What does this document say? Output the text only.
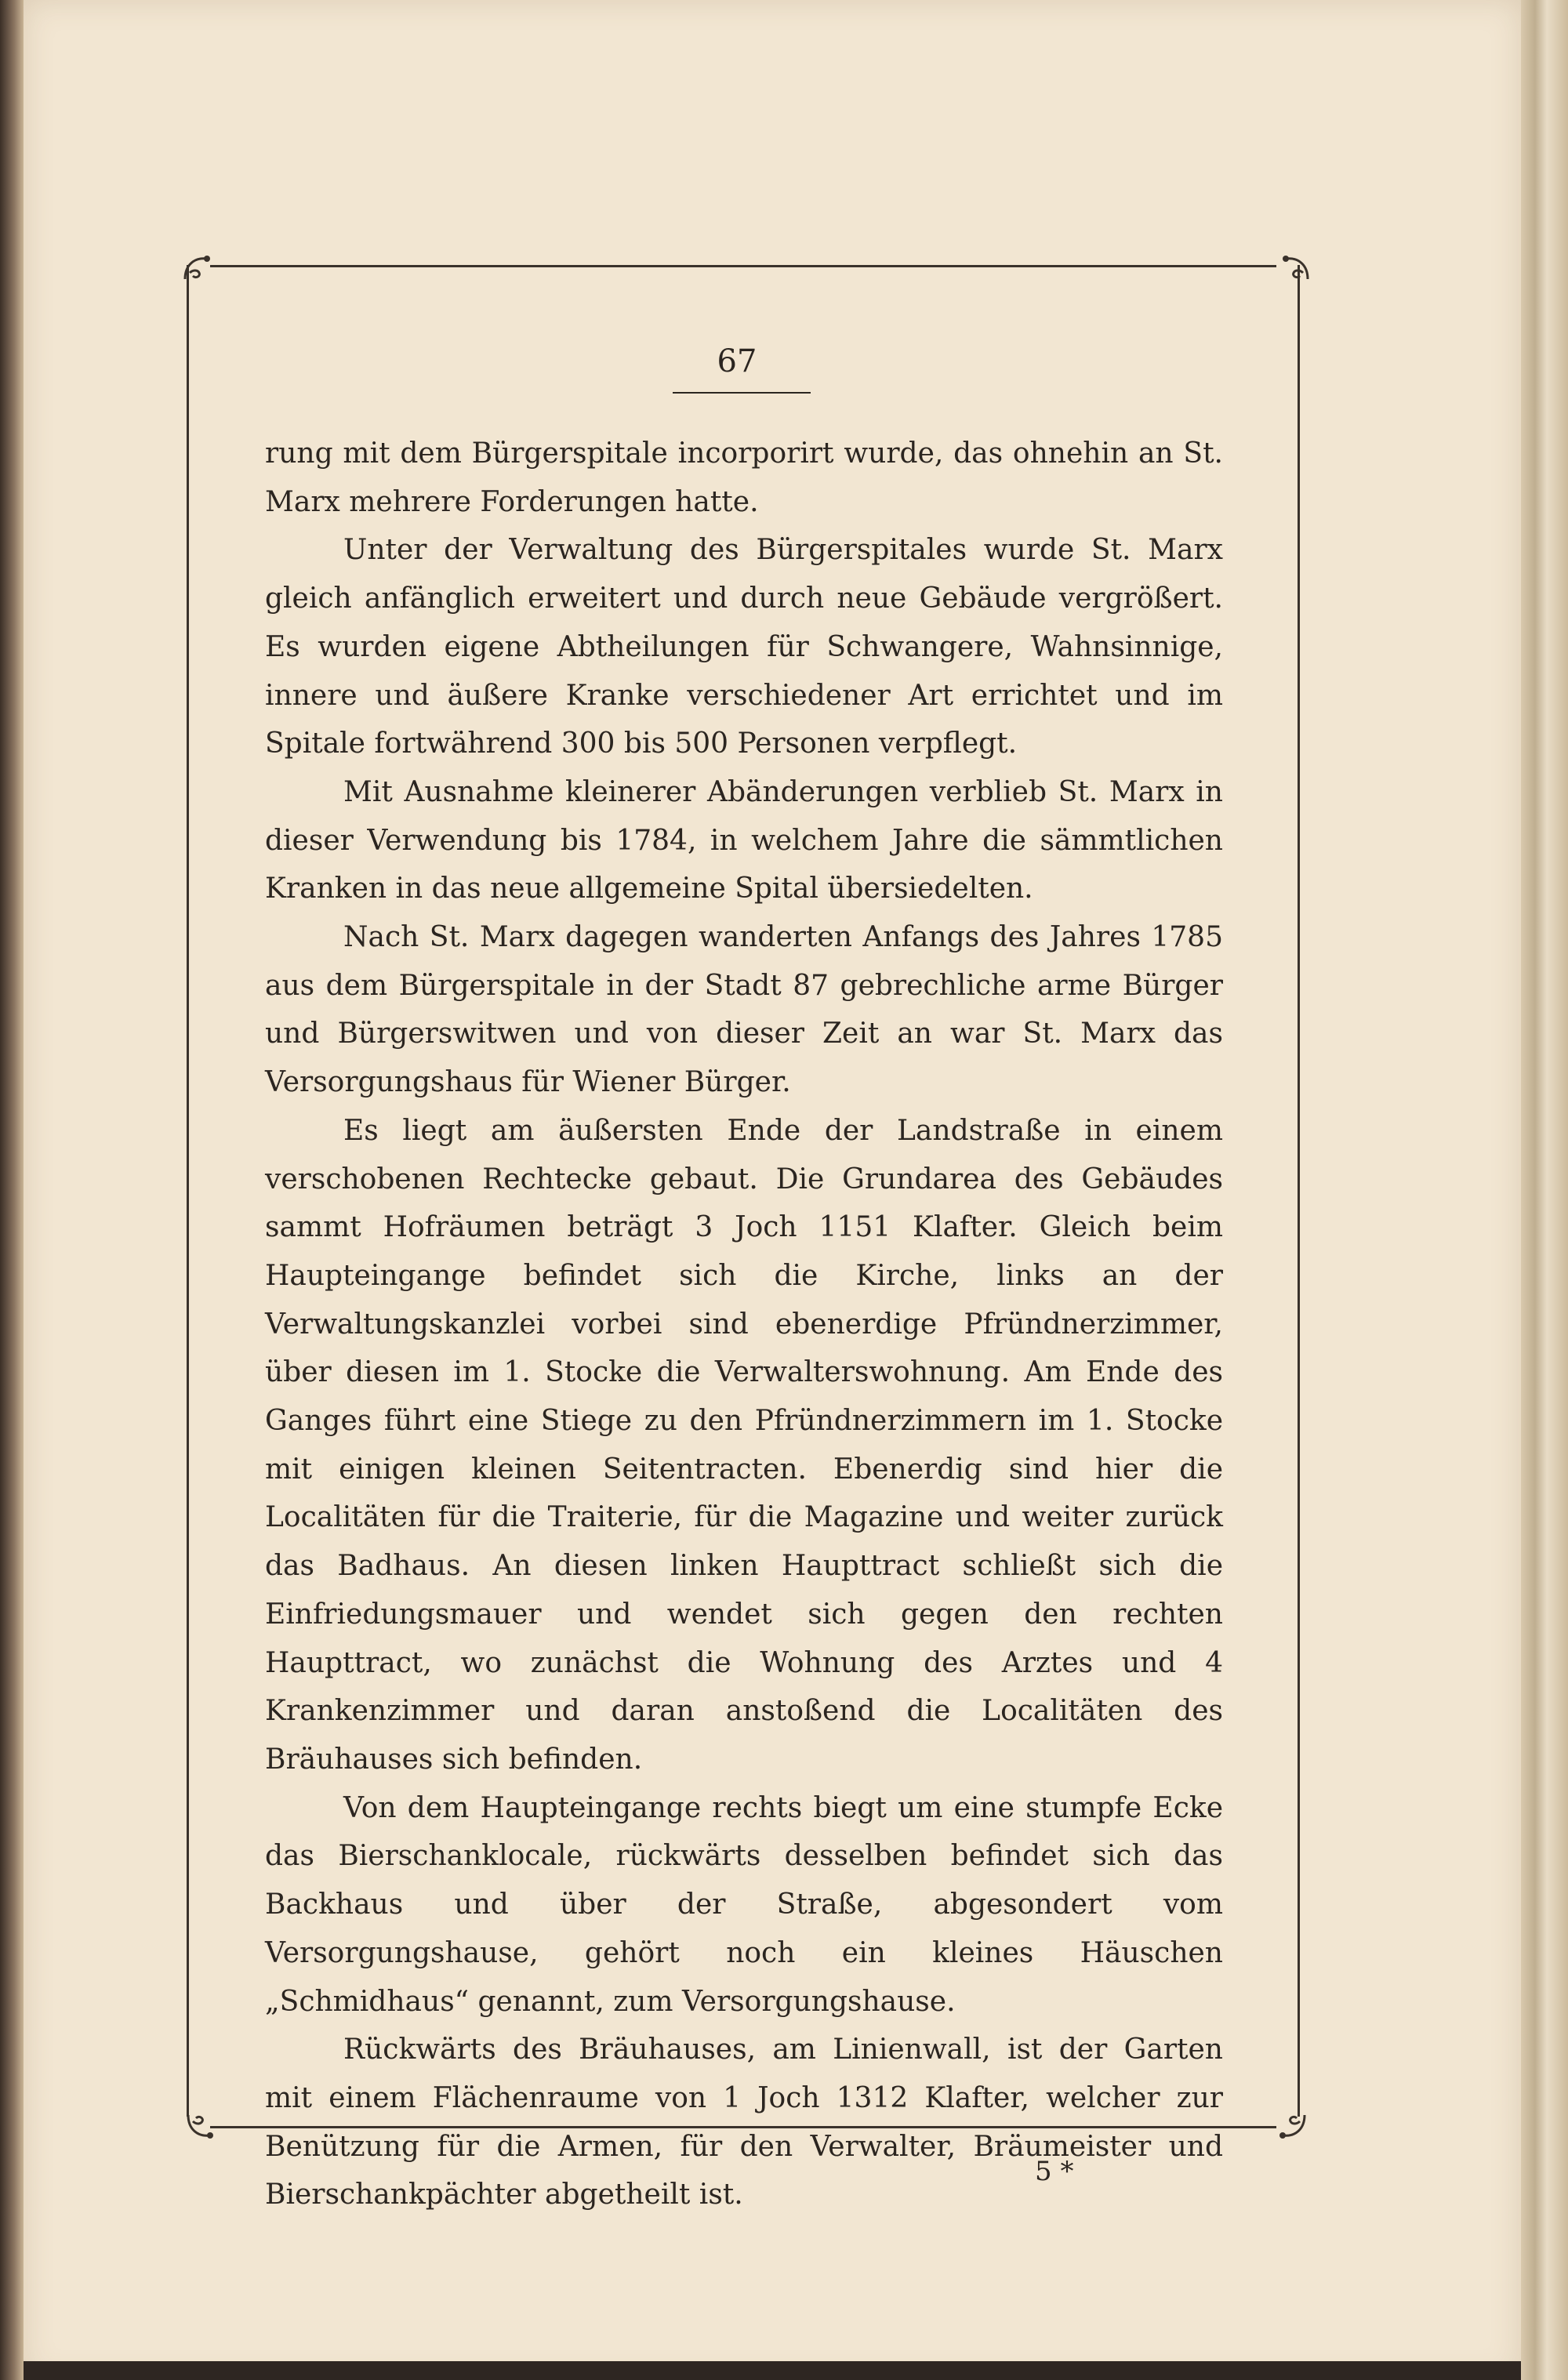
67

rung mit dem Bürgerspitale incorporirt wurde, das ohnehin an St. Marx mehrere Forderungen hatte.

Unter der Verwaltung des Bürgerspitales wurde St. Marx gleich anfänglich erweitert und durch neue Gebäude vergrößert. Es wurden eigene Abtheilungen für Schwangere, Wahnsinnige, innere und äußere Kranke verschiedener Art errichtet und im Spitale fortwährend 300 bis 500 Personen verpflegt.

Mit Ausnahme kleinerer Abänderungen verblieb St. Marx in dieser Verwendung bis 1784, in welchem Jahre die sämmtlichen Kranken in das neue allgemeine Spital übersiedelten.

Nach St. Marx dagegen wanderten Anfangs des Jahres 1785 aus dem Bürgerspitale in der Stadt 87 gebrechliche arme Bürger und Bürgerswitwen und von dieser Zeit an war St. Marx das Versorgungshaus für Wiener Bürger.

Es liegt am äußersten Ende der Landstraße in einem verschobenen Rechtecke gebaut. Die Grundarea des Gebäudes sammt Hofräumen beträgt 3 Joch 1151 Klafter. Gleich beim Haupteingange befindet sich die Kirche, links an der Verwaltungskanzlei vorbei sind ebenerdige Pfründnerzimmer, über diesen im 1. Stocke die Verwalterswohnung. Am Ende des Ganges führt eine Stiege zu den Pfründnerzimmern im 1. Stocke mit einigen kleinen Seitentracten. Ebenerdig sind hier die Localitäten für die Traiterie, für die Magazine und weiter zurück das Badhaus. An diesen linken Haupttract schließt sich die Einfriedungsmauer und wendet sich gegen den rechten Haupttract, wo zunächst die Wohnung des Arztes und 4 Krankenzimmer und daran anstoßend die Localitäten des Bräuhauses sich befinden.

Von dem Haupteingange rechts biegt um eine stumpfe Ecke das Bierschanklocale, rückwärts desselben befindet sich das Backhaus und über der Straße, abgesondert vom Versorgungshause, gehört noch ein kleines Häuschen „Schmidhaus“ genannt, zum Versorgungshause.

Rückwärts des Bräuhauses, am Linienwall, ist der Garten mit einem Flächenraume von 1 Joch 1312 Klafter, welcher zur Benützung für die Armen, für den Verwalter, Bräumeister und Bierschankpächter abgetheilt ist.

5 *
